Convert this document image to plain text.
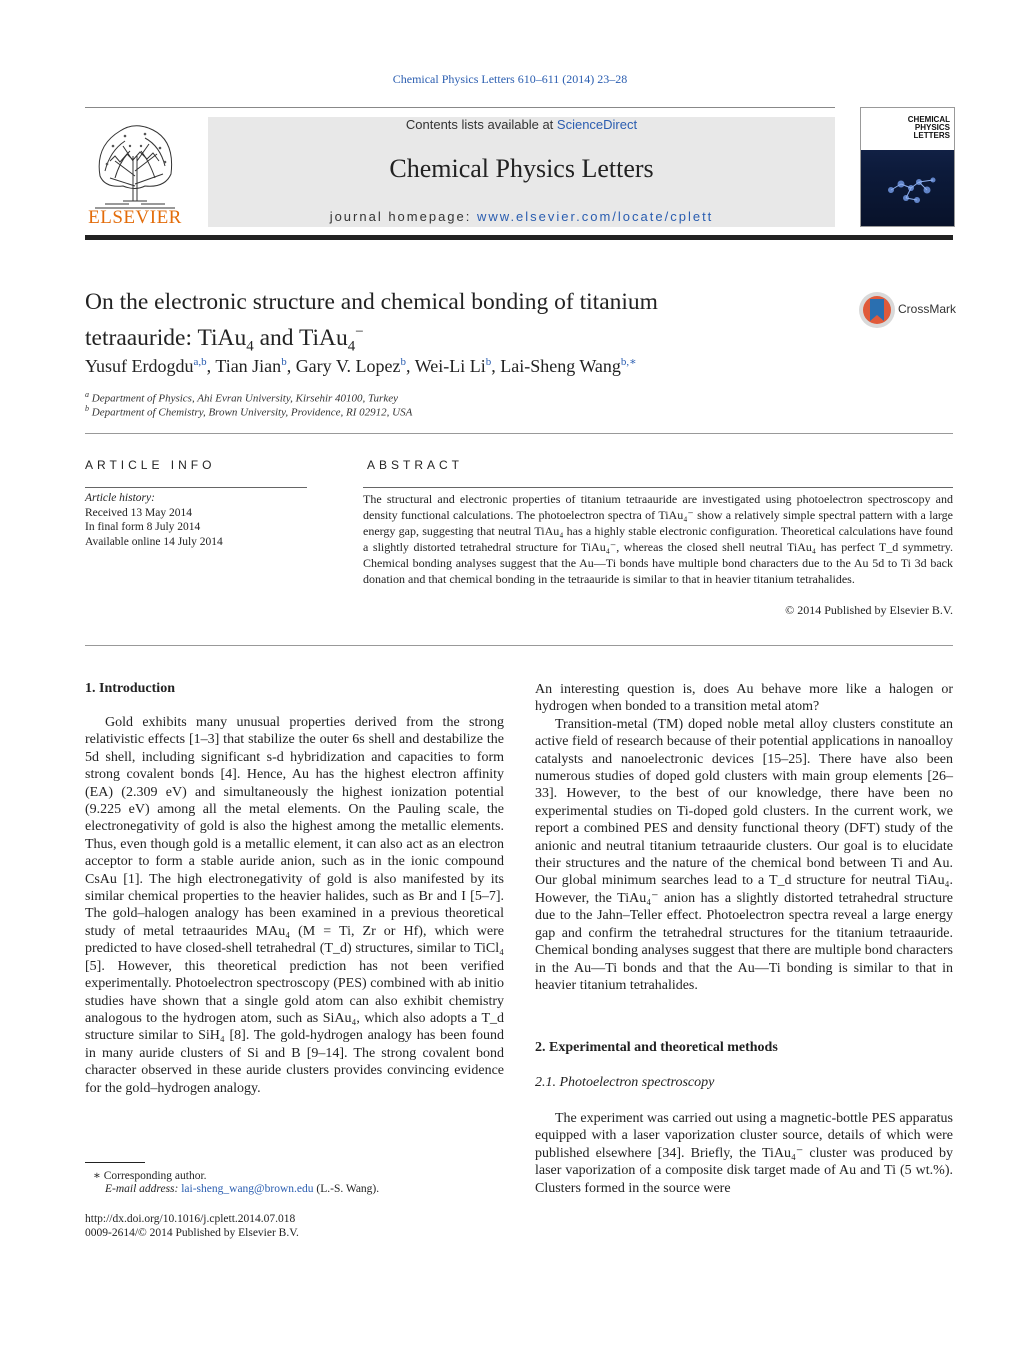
Chemical Physics Letters 610–611 (2014) 23–28
ELSEVIER
Contents lists available at ScienceDirect
Chemical Physics Letters
journal homepage: www.elsevier.com/locate/cplett
CHEMICAL PHYSICS LETTERS
On the electronic structure and chemical bonding of titanium
tetraauride: TiAu$_4$ and TiAu$_4$−
CrossMark
Yusuf Erdogdu$^{a,b}$, Tian Jian$^b$, Gary V. Lopez$^b$, Wei-Li Li$^b$, Lai-Sheng Wang$^{b,∗}$
$^a$ Department of Physics, Ahi Evran University, Kirsehir 40100, Turkey
$^b$ Department of Chemistry, Brown University, Providence, RI 02912, USA
ARTICLE INFO
Article history:
Received 13 May 2014
In final form 8 July 2014
Available online 14 July 2014
ABSTRACT
The structural and electronic properties of titanium tetraauride are investigated using photoelectron spectroscopy and density functional calculations. The photoelectron spectra of TiAu₄⁻ show a relatively simple spectral pattern with a large energy gap, suggesting that neutral TiAu₄ has a highly stable electronic configuration. Theoretical calculations have found a slightly distorted tetrahedral structure for TiAu₄⁻, whereas the closed shell neutral TiAu₄ has perfect T_d symmetry. Chemical bonding analyses suggest that the Au—Ti bonds have multiple bond characters due to the Au 5d to Ti 3d back donation and that chemical bonding in the tetraauride is similar to that in heavier titanium tetrahalides.
© 2014 Published by Elsevier B.V.
1. Introduction

Gold exhibits many unusual properties derived from the strong relativistic effects [1–3] that stabilize the outer 6s shell and destabilize the 5d shell, including significant s-d hybridization and capacities to form strong covalent bonds [4]. Hence, Au has the highest electron affinity (EA) (2.309 eV) and simultaneously the highest ionization potential (9.225 eV) among all the metal elements. On the Pauling scale, the electronegativity of gold is also the highest among the metallic elements. Thus, even though gold is a metallic element, it can also act as an electron acceptor to form a stable auride anion, such as in the ionic compound CsAu [1]. The high electronegativity of gold is also manifested by its similar chemical properties to the heavier halides, such as Br and I [5–7]. The gold–halogen analogy has been examined in a previous theoretical study of metal tetraaurides MAu₄ (M = Ti, Zr or Hf), which were predicted to have closed-shell tetrahedral (T_d) structures, similar to TiCl₄ [5]. However, this theoretical prediction has not been verified experimentally. Photoelectron spectroscopy (PES) combined with ab initio studies have shown that a single gold atom can also exhibit chemistry analogous to the hydrogen atom, such as SiAu₄, which also adopts a T_d structure similar to SiH₄ [8]. The gold-hydrogen analogy has been found in many auride clusters of Si and B [9–14]. The strong covalent bond character observed in these auride clusters provides convincing evidence for the gold–hydrogen analogy.

An interesting question is, does Au behave more like a halogen or hydrogen when bonded to a transition metal atom?

Transition-metal (TM) doped noble metal alloy clusters constitute an active field of research because of their potential applications in nanoalloy catalysts and nanoelectronic devices [15–25]. There have also been numerous studies of doped gold clusters with main group elements [26–33]. However, to the best of our knowledge, there have been no experimental studies on Ti-doped gold clusters. In the current work, we report a combined PES and density functional theory (DFT) study of the anionic and neutral titanium tetraauride clusters. Our goal is to elucidate their structures and the nature of the chemical bond between Ti and Au. Our global minimum searches lead to a T_d structure for neutral TiAu₄. However, the TiAu₄⁻ anion has a slightly distorted tetrahedral structure due to the Jahn–Teller effect. Photoelectron spectra reveal a large energy gap and confirm the tetrahedral structures for the titanium tetraauride. Chemical bonding analyses suggest that there are multiple bond characters in the Au—Ti bonds and that the Au—Ti bonding is similar to that in heavier titanium tetrahalides.

2. Experimental and theoretical methods
2.1. Photoelectron spectroscopy

The experiment was carried out using a magnetic-bottle PES apparatus equipped with a laser vaporization cluster source, details of which were published elsewhere [34]. Briefly, the TiAu₄⁻ cluster was produced by laser vaporization of a composite disk target made of Au and Ti (5 wt.%). Clusters formed in the source were

∗ Corresponding author.
E-mail address: lai-sheng_wang@brown.edu (L.-S. Wang).
http://dx.doi.org/10.1016/j.cplett.2014.07.018
0009-2614/© 2014 Published by Elsevier B.V.
